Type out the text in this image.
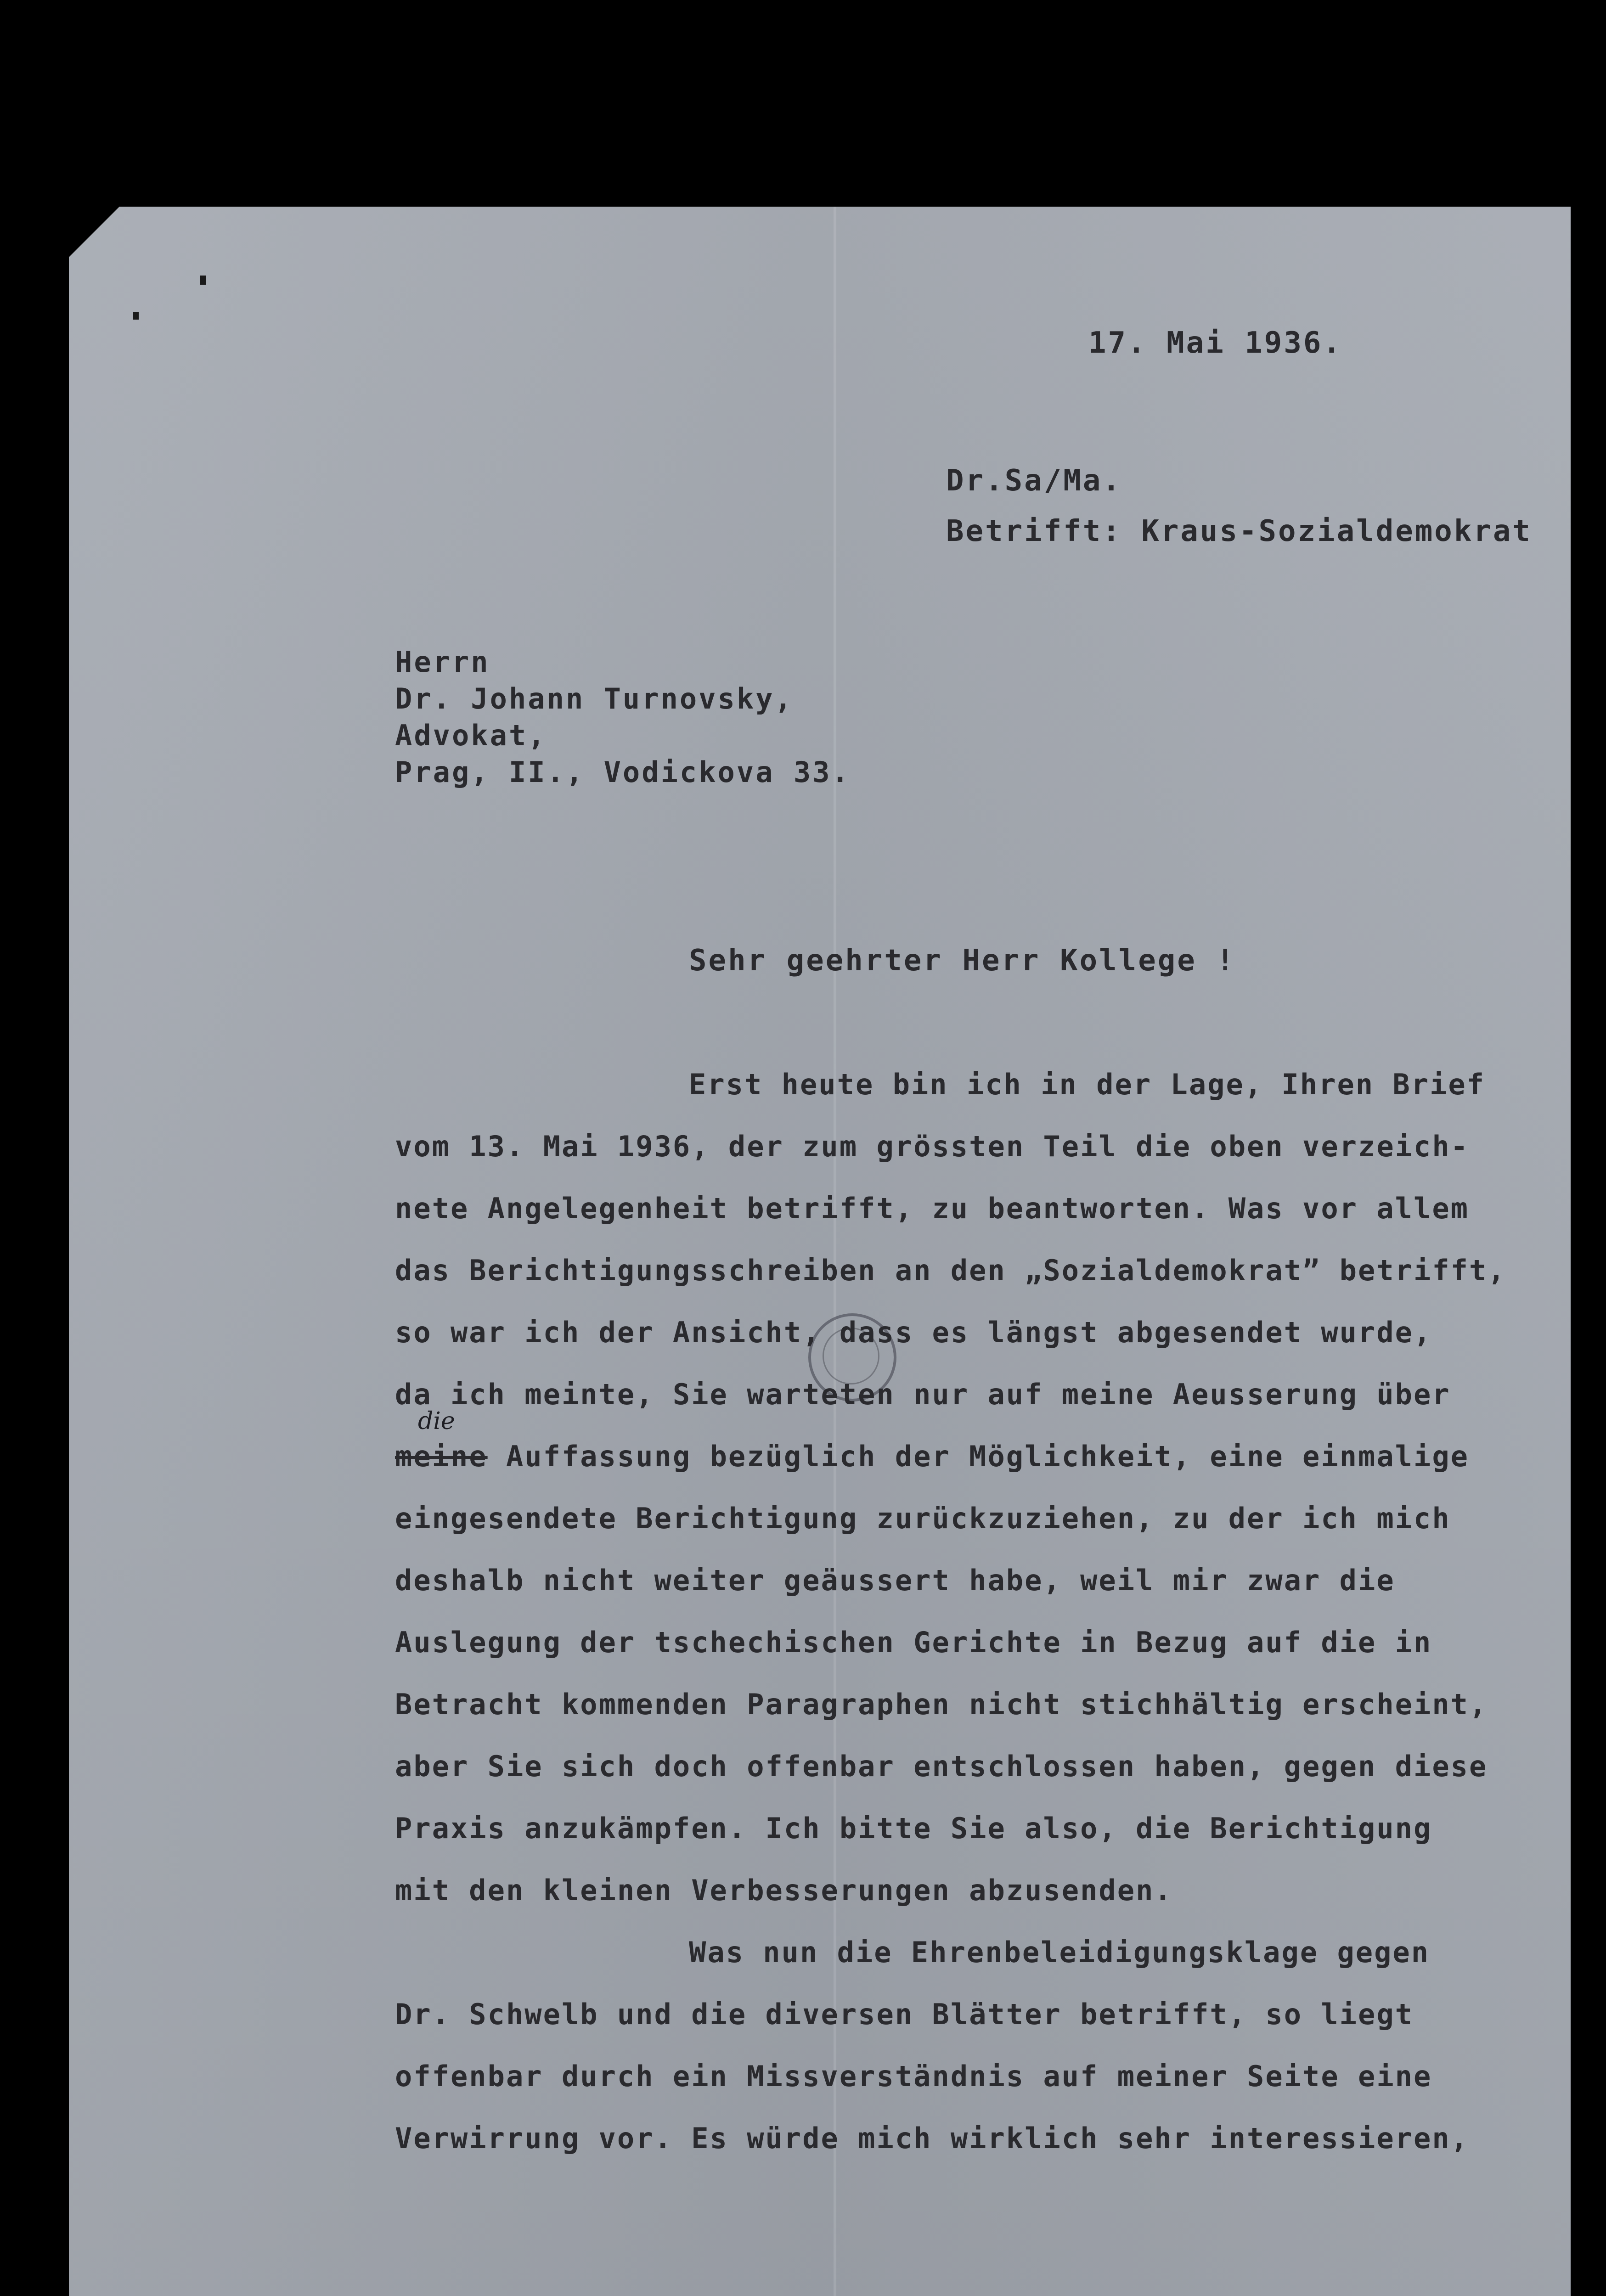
17. Mai 1936.
Dr.Sa/Ma.
Betrifft: Kraus-Sozialdemokrat
Herrn
Dr. Johann Turnovsky,
Advokat,
Prag, II., Vodickova 33.
Sehr geehrter Herr Kollege !
Erst heute bin ich in der Lage, Ihren Brief
vom 13. Mai 1936, der zum grössten Teil die oben verzeich-
nete Angelegenheit betrifft, zu beantworten. Was vor allem
das Berichtigungsschreiben an den „Sozialdemokrat” betrifft,
so war ich der Ansicht, dass es längst abgesendet wurde,
da ich meinte, Sie warteten nur auf meine Aeusserung über
meine Auffassung bezüglich der Möglichkeit, eine einmalige
eingesendete Berichtigung zurückzuziehen, zu der ich mich
deshalb nicht weiter geäussert habe, weil mir zwar die
Auslegung der tschechischen Gerichte in Bezug auf die in
Betracht kommenden Paragraphen nicht stichhältig erscheint,
aber Sie sich doch offenbar entschlossen haben, gegen diese
Praxis anzukämpfen. Ich bitte Sie also, die Berichtigung
mit den kleinen Verbesserungen abzusenden.
Was nun die Ehrenbeleidigungsklage gegen
Dr. Schwelb und die diversen Blätter betrifft, so liegt
offenbar durch ein Missverständnis auf meiner Seite eine
Verwirrung vor. Es würde mich wirklich sehr interessieren,
die
